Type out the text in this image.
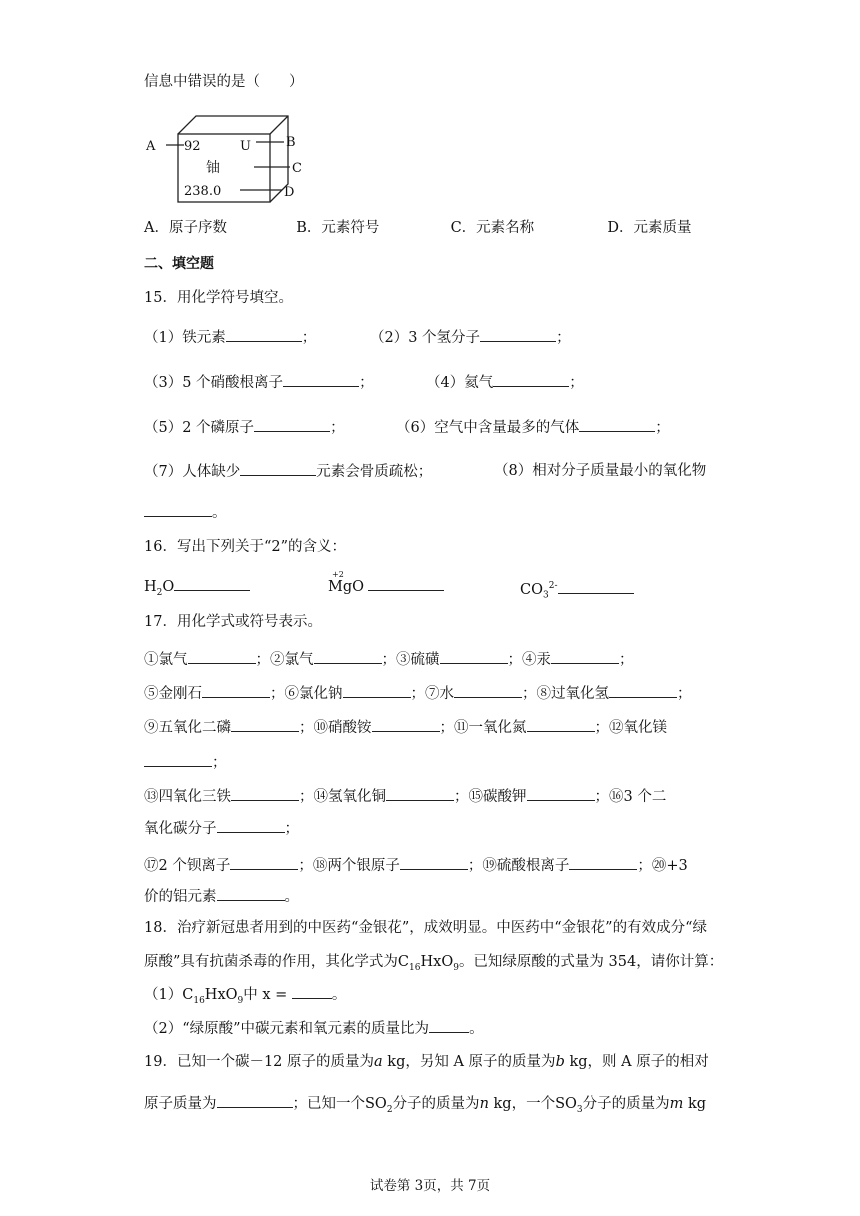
信息中错误的是（　　）
A 92	U	B
铀	C
238.0	D
A．原子序数	B．元素符号	C．元素名称	D．元素质量
二、填空题
15．用化学符号填空。
（1）铁元素	；	（2）3 个氢分子	；
（3）5 个硝酸根离子	；	（4）氦气	；
（5）2 个磷原子	；	（6）空气中含量最多的气体	；
（7）人体缺少	元素会骨质疏松；	（8）相对分子质量最小的氧化物
。
16．写出下列关于“2”的含义：
$H_2O$
+2
MgO	$CO_3^{2-}$
17．用化学式或符号表示。
①氯气	；②氯气	；③硫磺	；④汞	；
⑤金刚石	；⑥氯化钠	；⑦水	；⑧过氧化氢	；
⑨五氧化二磷	；⑩硝酸铵	；⑪一氧化氮	；⑫氧化镁
；
⑬四氧化三铁	；⑭氢氧化铜	；⑮碳酸钾	；⑯3 个二
氧化碳分子	；
⑰2 个钡离子	；⑱两个银原子	；⑲硫酸根离子	；⑳+3
价的铝元素	。
18．治疗新冠患者用到的中医药“金银花”，成效明显。中医药中“金银花”的有效成分“绿
原酸”具有抗菌杀毒的作用，其化学式为$C_{16}HxO_9$。已知绿原酸的式量为 354，请你计算：
$(1)C_{16}HxO_9$中 x =	。
（2）“绿原酸”中碳元素和氧元素的质量比为	。
19．已知一个碳－12 原子的质量为a kg，另知 A 原子的质量为b kg，则 A 原子的相对
原子质量为	；已知一个$SO_2$分子的质量为n kg，一个$SO_3$分子的质量为m kg
试卷第 3页，共 7页
